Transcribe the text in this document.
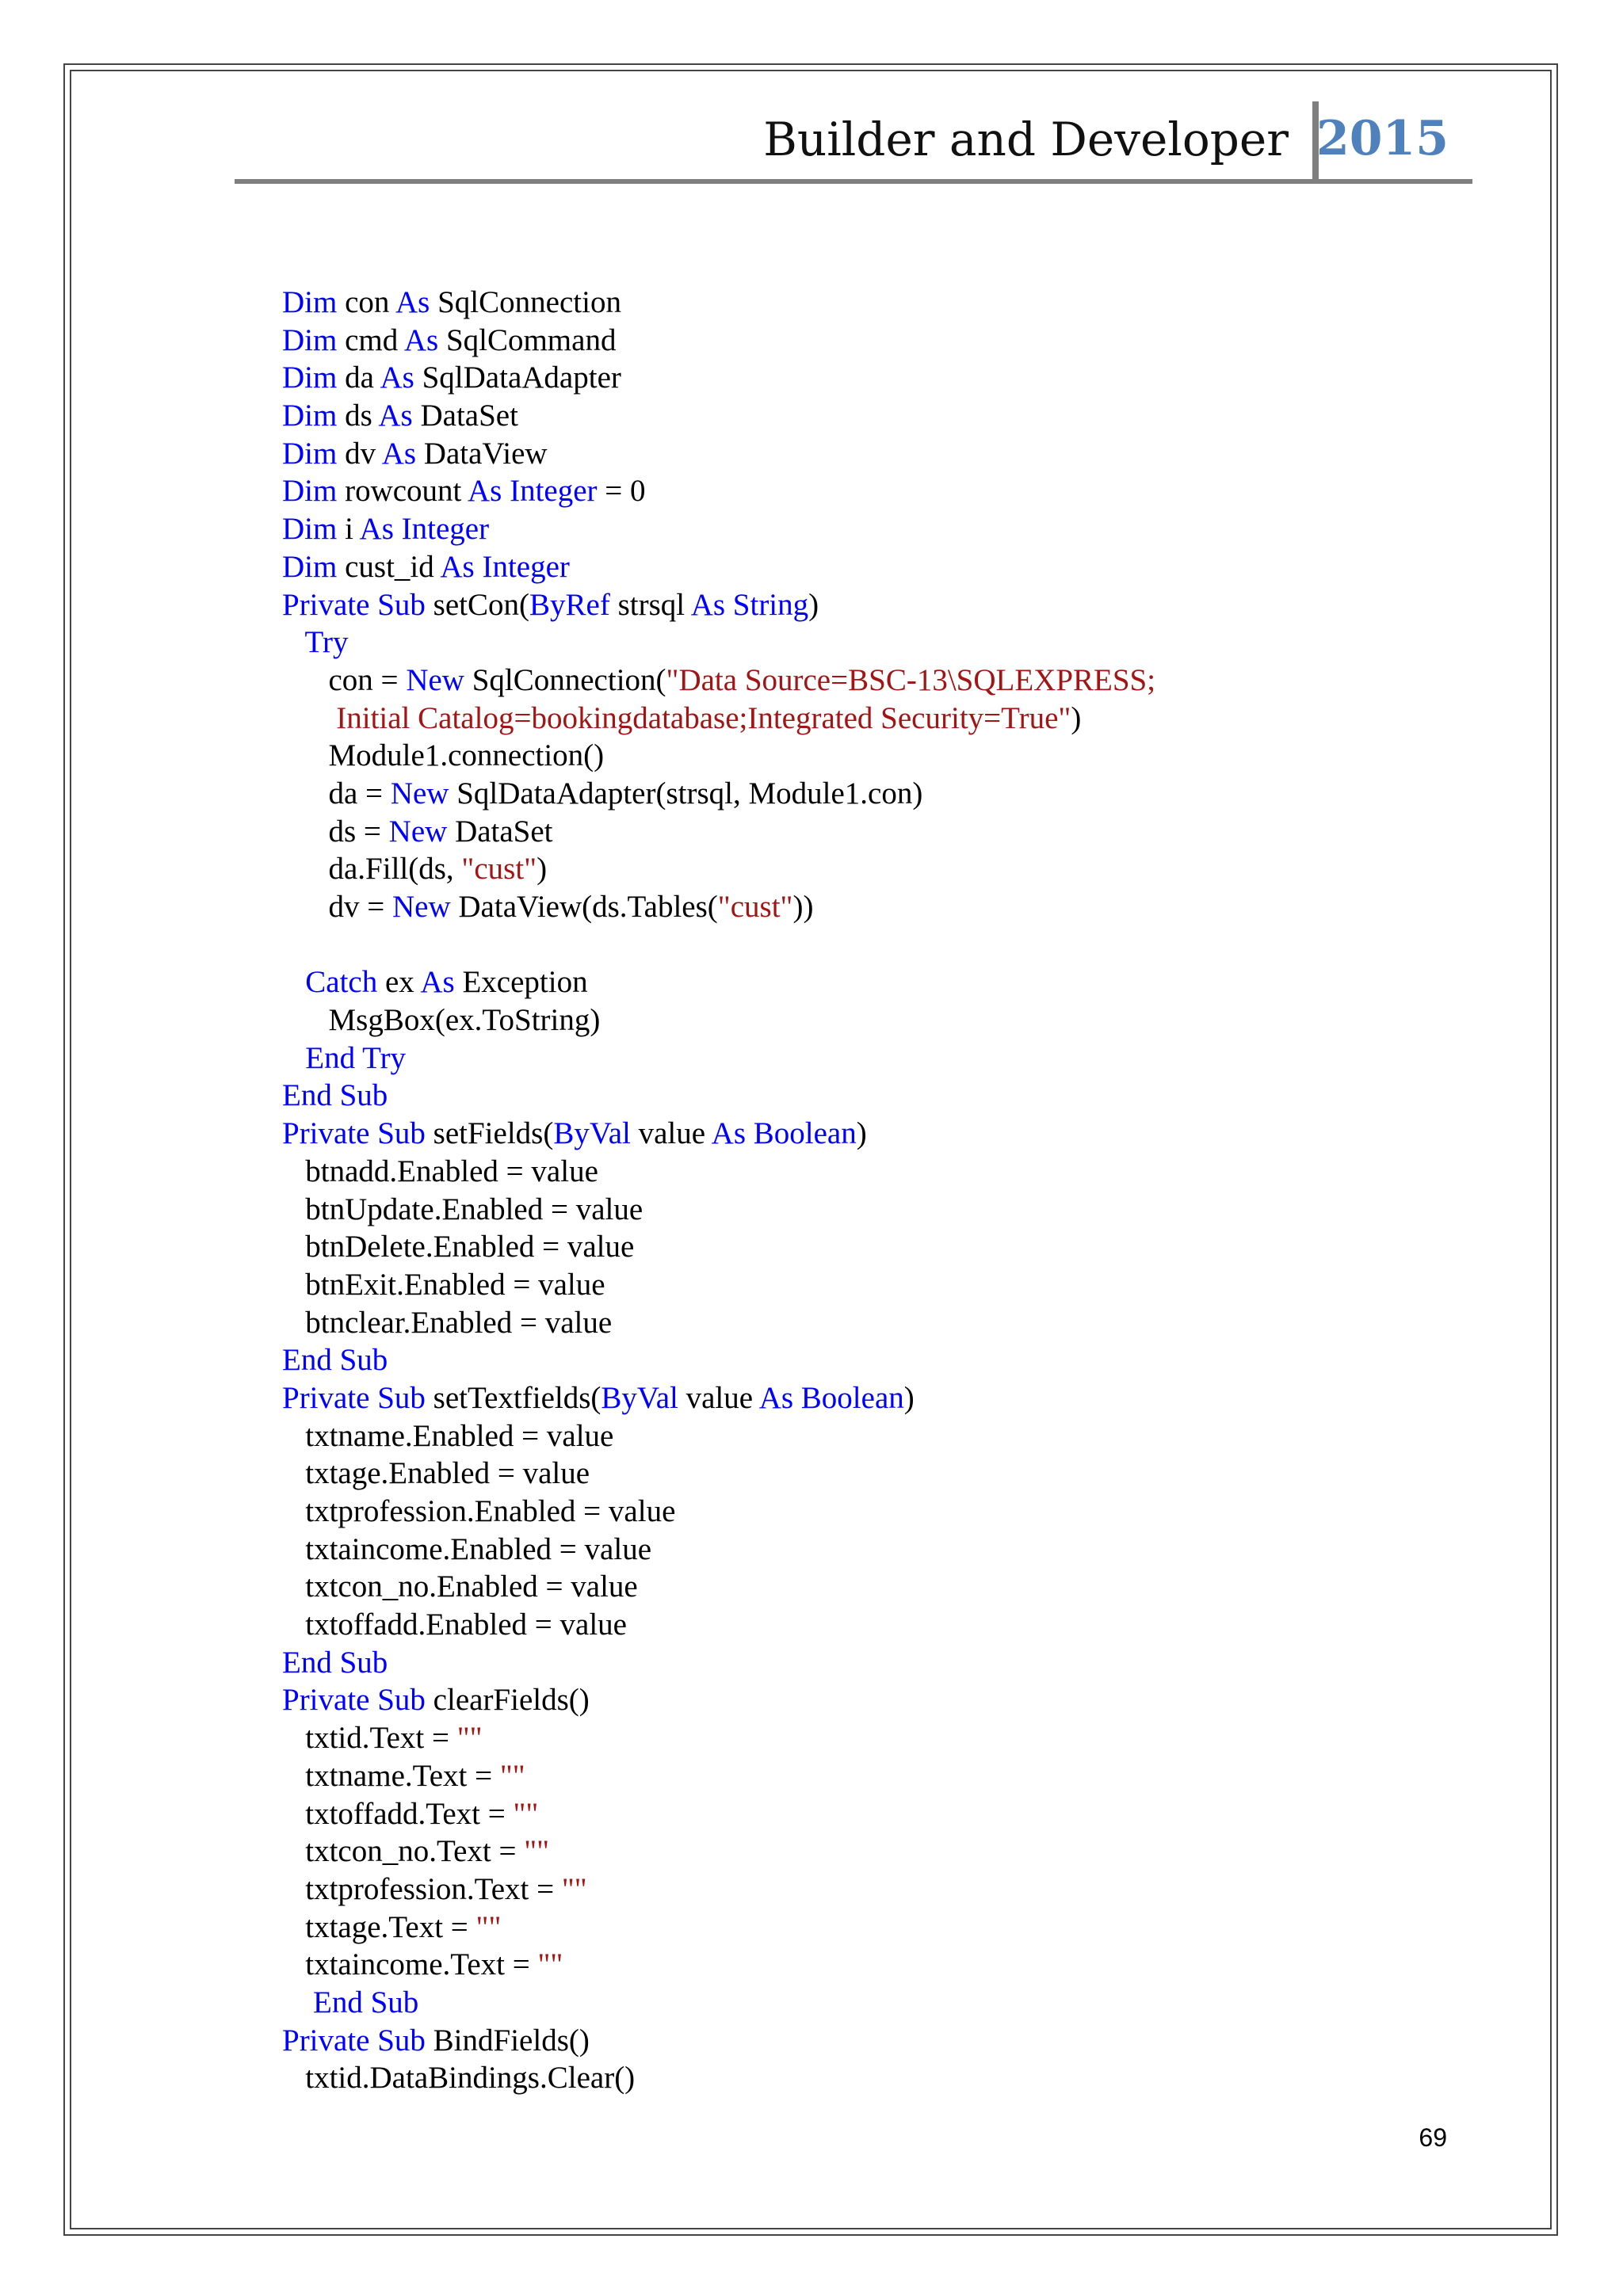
Builder and Developer 2015
Dim con As SqlConnection
Dim cmd As SqlCommand
Dim da As SqlDataAdapter
Dim ds As DataSet
Dim dv As DataView
Dim rowcount As Integer = 0
Dim i As Integer
Dim cust_id As Integer
Private Sub setCon(ByRef strsql As String)
Try
con = New SqlConnection("Data Source=BSC-13\SQLEXPRESS;
Initial Catalog=bookingdatabase;Integrated Security=True")
Module1.connection()
da = New SqlDataAdapter(strsql, Module1.con)
ds = New DataSet
da.Fill(ds, "cust")
dv = New DataView(ds.Tables("cust"))

Catch ex As Exception
MsgBox(ex.ToString)
End Try
End Sub
Private Sub setFields(ByVal value As Boolean)
btnadd.Enabled = value
btnUpdate.Enabled = value
btnDelete.Enabled = value
btnExit.Enabled = value
btnclear.Enabled = value
End Sub
Private Sub setTextfields(ByVal value As Boolean)
txtname.Enabled = value
txtage.Enabled = value
txtprofession.Enabled = value
txtaincome.Enabled = value
txtcon_no.Enabled = value
txtoffadd.Enabled = value
End Sub
Private Sub clearFields()
txtid.Text = ""
txtname.Text = ""
txtoffadd.Text = ""
txtcon_no.Text = ""
txtprofession.Text = ""
txtage.Text = ""
txtaincome.Text = ""
End Sub
Private Sub BindFields()
txtid.DataBindings.Clear()
69
